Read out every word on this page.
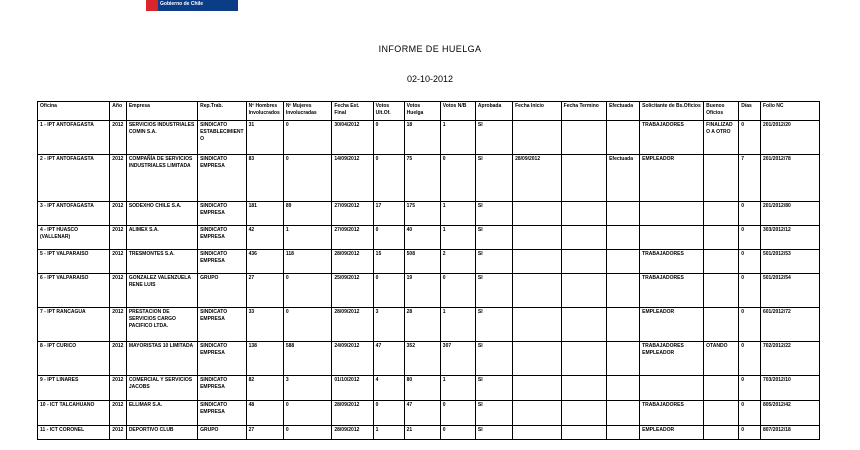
Gobierno de Chile
INFORME DE HUELGA
02-10-2012
Oficina	Año	Empresa	Rep.Trab.	Nº Hombres Involucrados	Nº Mujeres Involucradas	Fecha Est. Final	Votos Ult.Of.	Votos Huelga	Votos N/B	Aprobada	Fecha Inicio	Fecha Termino	Efectuada	Solicitante de Bs.Oficios	Buenos Oficios	Días	Folio NC
1 - IPT ANTOFAGASTA	2012	SERVICIOS INDUSTRIALES COMIN S.A.	SINDICATO ESTABLECIMIENTO	31	0	30/04/2012	0	18	1	SI				TRABAJADORES	FINALIZADO A OTRO	0	201/2012/20
2 - IPT ANTOFAGASTA	2012	COMPAÑÍA DE SERVICIOS INDUSTRIALES LIMITADA	SINDICATO EMPRESA	83	0	14/09/2012	0	75	0	SI	28/09/2012		Efectuada	EMPLEADOR		7	201/2012/78
3 - IPT ANTOFAGASTA	2012	SODEXHO CHILE S.A.	SINDICATO EMPRESA	181	89	27/09/2012	17	175	1	SI						0	201/2012/80
4 - IPT HUASCO (VALLENAR)	2012	ALIMEX S.A.	SINDICATO EMPRESA	42	1	27/09/2012	0	40	1	SI						0	303/2012/12
5 - IPT VALPARAISO	2012	TRESMONTES S.A.	SINDICATO EMPRESA	436	118	28/09/2012	15	508	2	SI				TRABAJADORES		0	501/2012/53
6 - IPT VALPARAISO	2012	GONZALEZ VALENZUELA RENE LUIS	GRUPO	27	0	25/09/2012	0	19	0	SI				TRABAJADORES		0	501/2012/54
7 - IPT RANCAGUA	2012	PRESTACION DE SERVICIOS CARGO PACIFICO LTDA.	SINDICATO EMPRESA	33	0	28/09/2012	3	28	1	SI				EMPLEADOR		0	601/2012/72
8 - IPT CURICO	2012	MAYORISTAS 10 LIMITADA	SINDICATO EMPRESA	138	588	24/09/2012	47	352	307	SI				TRABAJADORES EMPLEADOR	OTANDO	0	702/2012/22
9 - IPT LINARES	2012	COMERCIAL Y SERVICIOS JACOBS	SINDICATO EMPRESA	82	3	01/10/2012	4	80	1	SI						0	703/2012/10
10 - ICT TALCAHUANO	2012	ELLIMAR S.A.	SINDICATO EMPRESA	48	0	28/09/2012	0	47	0	SI				TRABAJADORES		0	805/2012/42
11 - ICT CORONEL	2012	DEPORTIVO CLUB	GRUPO	27	0	28/09/2012	1	21	0	SI				EMPLEADOR		0	807/2012/18
